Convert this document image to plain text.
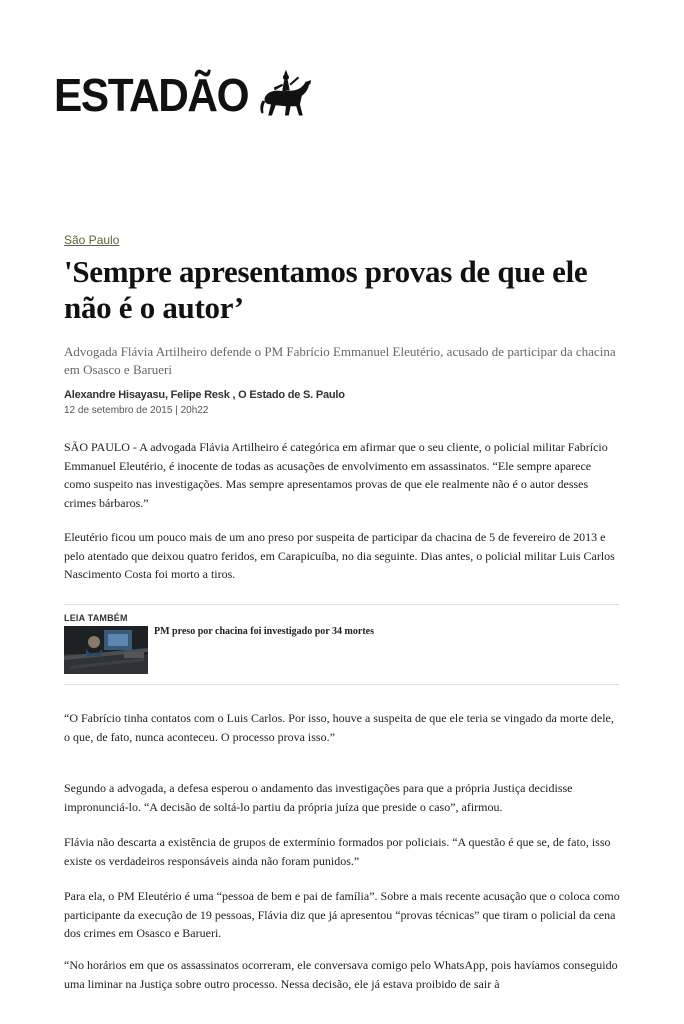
ESTADÃO
São Paulo
'Sempre apresentamos provas de que ele não é o autor’

Advogada Flávia Artilheiro defende o PM Fabrício Emmanuel Eleutério, acusado de participar da chacina em Osasco e Barueri

Alexandre Hisayasu, Felipe Resk , O Estado de S. Paulo
12 de setembro de 2015 | 20h22

SÃO PAULO - A advogada Flávia Artilheiro é categórica em afirmar que o seu cliente, o policial militar Fabrício Emmanuel Eleutério, é inocente de todas as acusações de envolvimento em assassinatos. “Ele sempre aparece como suspeito nas investigações. Mas sempre apresentamos provas de que ele realmente não é o autor desses crimes bárbaros.”

Eleutério ficou um pouco mais de um ano preso por suspeita de participar da chacina de 5 de fevereiro de 2013 e pelo atentado que deixou quatro feridos, em Carapicuíba, no dia seguinte. Dias antes, o policial militar Luis Carlos Nascimento Costa foi morto a tiros.

LEIA TAMBÉM
PM preso por chacina foi investigado por 34 mortes

“O Fabrício tinha contatos com o Luis Carlos. Por isso, houve a suspeita de que ele teria se vingado da morte dele, o que, de fato, nunca aconteceu. O processo prova isso.”

Segundo a advogada, a defesa esperou o andamento das investigações para que a própria Justiça decidisse impronunciá-lo. “A decisão de soltá-lo partiu da própria juíza que preside o caso”, afirmou.

Flávia não descarta a existência de grupos de extermínio formados por policiais. “A questão é que se, de fato, isso existe os verdadeiros responsáveis ainda não foram punidos.”

Para ela, o PM Eleutério é uma “pessoa de bem e pai de família”. Sobre a mais recente acusação que o coloca como participante da execução de 19 pessoas, Flávia diz que já apresentou “provas técnicas” que tiram o policial da cena dos crimes em Osasco e Barueri.

“No horários em que os assassinatos ocorreram, ele conversava comigo pelo WhatsApp, pois havíamos conseguido uma liminar na Justiça sobre outro processo. Nessa decisão, ele já estava proibido de sair à
